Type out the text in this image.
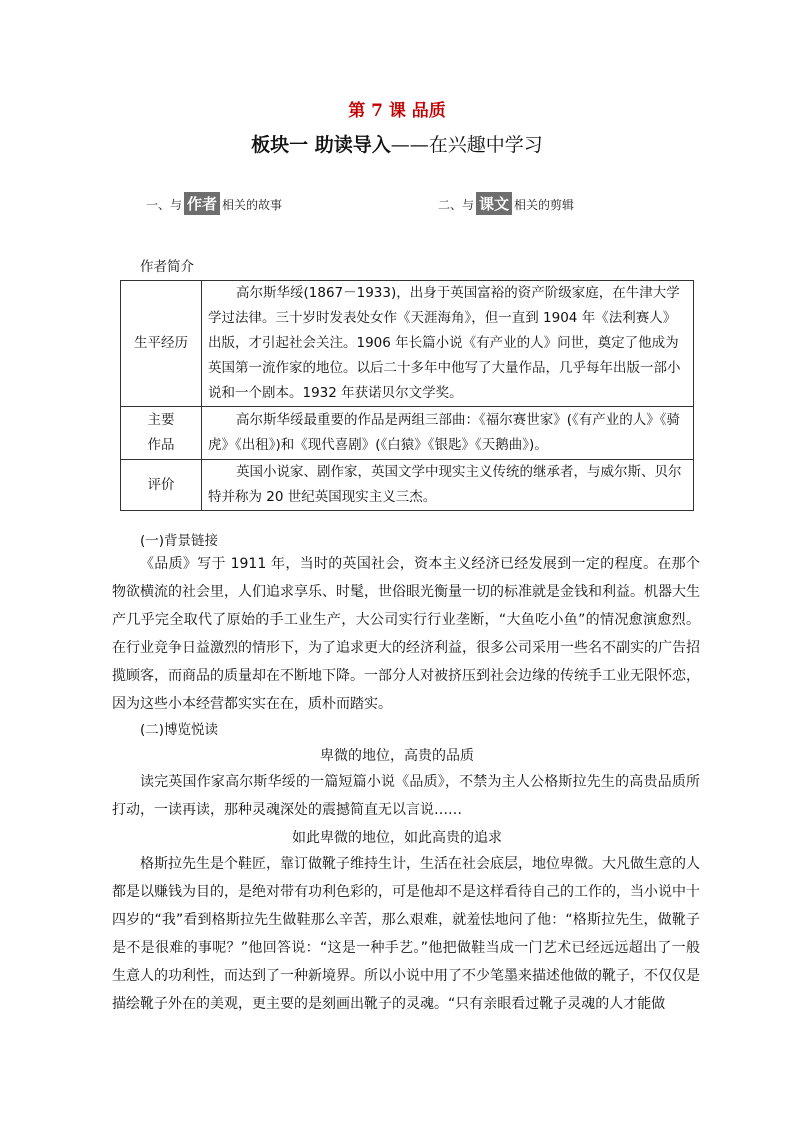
第 7 课 品质
板块一 助读导入——在兴趣中学习
一、与 作者 相关的故事	二、与 课文 相关的剪辑
作者简介
生平经历	高尔斯华绥(1867－1933)，出身于英国富裕的资产阶级家庭，在牛津大学学过法律。三十岁时发表处女作《天涯海角》，但一直到 1904 年《法利赛人》出版，才引起社会关注。1906 年长篇小说《有产业的人》问世，奠定了他成为英国第一流作家的地位。以后二十多年中他写了大量作品，几乎每年出版一部小说和一个剧本。1932 年获诺贝尔文学奖。
主要
作品	高尔斯华绥最重要的作品是两组三部曲：《福尔赛世家》(《有产业的人》《骑虎》《出租》)和《现代喜剧》(《白猿》《银匙》《天鹅曲》)。
评价	英国小说家、剧作家，英国文学中现实主义传统的继承者，与威尔斯、贝尔特并称为 20 世纪英国现实主义三杰。
(一)背景链接

《品质》写于 1911 年，当时的英国社会，资本主义经济已经发展到一定的程度。在那个物欲横流的社会里，人们追求享乐、时髦，世俗眼光衡量一切的标准就是金钱和利益。机器大生产几乎完全取代了原始的手工业生产，大公司实行行业垄断，“大鱼吃小鱼”的情况愈演愈烈。在行业竞争日益激烈的情形下，为了追求更大的经济利益，很多公司采用一些名不副实的广告招揽顾客，而商品的质量却在不断地下降。一部分人对被挤压到社会边缘的传统手工业无限怀恋，因为这些小本经营都实实在在，质朴而踏实。

(二)博览悦读
卑微的地位，高贵的品质

读完英国作家高尔斯华绥的一篇短篇小说《品质》，不禁为主人公格斯拉先生的高贵品质所打动，一读再读，那种灵魂深处的震撼简直无以言说……

如此卑微的地位，如此高贵的追求

格斯拉先生是个鞋匠，靠订做靴子维持生计，生活在社会底层，地位卑微。大凡做生意的人都是以赚钱为目的，是绝对带有功利色彩的，可是他却不是这样看待自己的工作的，当小说中十四岁的“我”看到格斯拉先生做鞋那么辛苦，那么艰难，就羞怯地问了他：“格斯拉先生，做靴子是不是很难的事呢？”他回答说：“这是一种手艺。”他把做鞋当成一门艺术已经远远超出了一般生意人的功利性，而达到了一种新境界。所以小说中用了不少笔墨来描述他做的靴子，不仅仅是描绘靴子外在的美观，更主要的是刻画出靴子的灵魂。“只有亲眼看过靴子灵魂的人才能做
